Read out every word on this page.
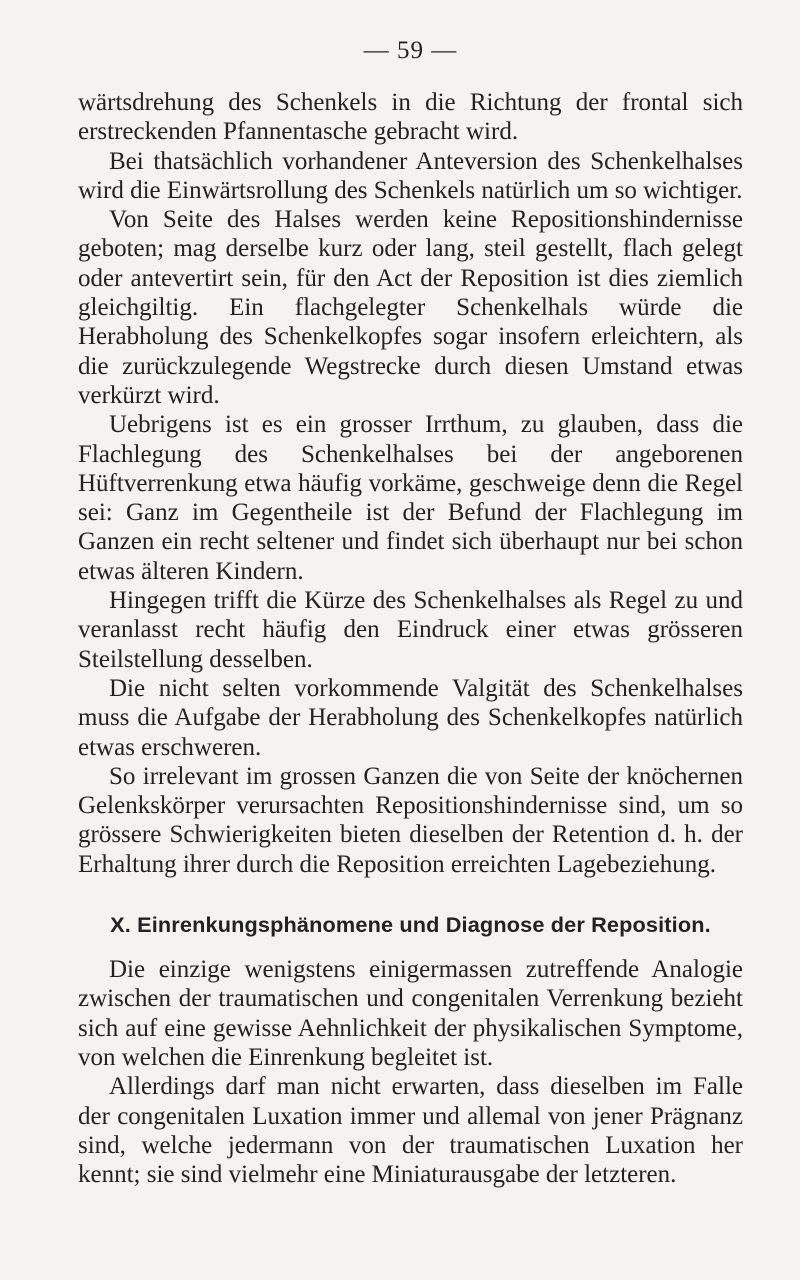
— 59 —

wärtsdrehung des Schenkels in die Richtung der frontal sich erstreckenden Pfannentasche gebracht wird.

Bei thatsächlich vorhandener Anteversion des Schenkelhalses wird die Einwärtsrollung des Schenkels natürlich um so wichtiger.

Von Seite des Halses werden keine Repositionshindernisse geboten; mag derselbe kurz oder lang, steil gestellt, flach gelegt oder antevertirt sein, für den Act der Reposition ist dies ziemlich gleichgiltig. Ein flachgelegter Schenkelhals würde die Herabholung des Schenkelkopfes sogar insofern erleichtern, als die zurückzulegende Wegstrecke durch diesen Umstand etwas verkürzt wird.

Uebrigens ist es ein grosser Irrthum, zu glauben, dass die Flachlegung des Schenkelhalses bei der angeborenen Hüftverrenkung etwa häufig vorkäme, geschweige denn die Regel sei: Ganz im Gegentheile ist der Befund der Flachlegung im Ganzen ein recht seltener und findet sich überhaupt nur bei schon etwas älteren Kindern.

Hingegen trifft die Kürze des Schenkelhalses als Regel zu und veranlasst recht häufig den Eindruck einer etwas grösseren Steilstellung desselben.

Die nicht selten vorkommende Valgität des Schenkelhalses muss die Aufgabe der Herabholung des Schenkelkopfes natürlich etwas erschweren.

So irrelevant im grossen Ganzen die von Seite der knöchernen Gelenkskörper verursachten Repositionshindernisse sind, um so grössere Schwierigkeiten bieten dieselben der Retention d. h. der Erhaltung ihrer durch die Reposition erreichten Lagebeziehung.

X. Einrenkungsphänomene und Diagnose der Reposition.

Die einzige wenigstens einigermassen zutreffende Analogie zwischen der traumatischen und congenitalen Verrenkung bezieht sich auf eine gewisse Aehnlichkeit der physikalischen Symptome, von welchen die Einrenkung begleitet ist.

Allerdings darf man nicht erwarten, dass dieselben im Falle der congenitalen Luxation immer und allemal von jener Prägnanz sind, welche jedermann von der traumatischen Luxation her kennt; sie sind vielmehr eine Miniaturausgabe der letzteren.
